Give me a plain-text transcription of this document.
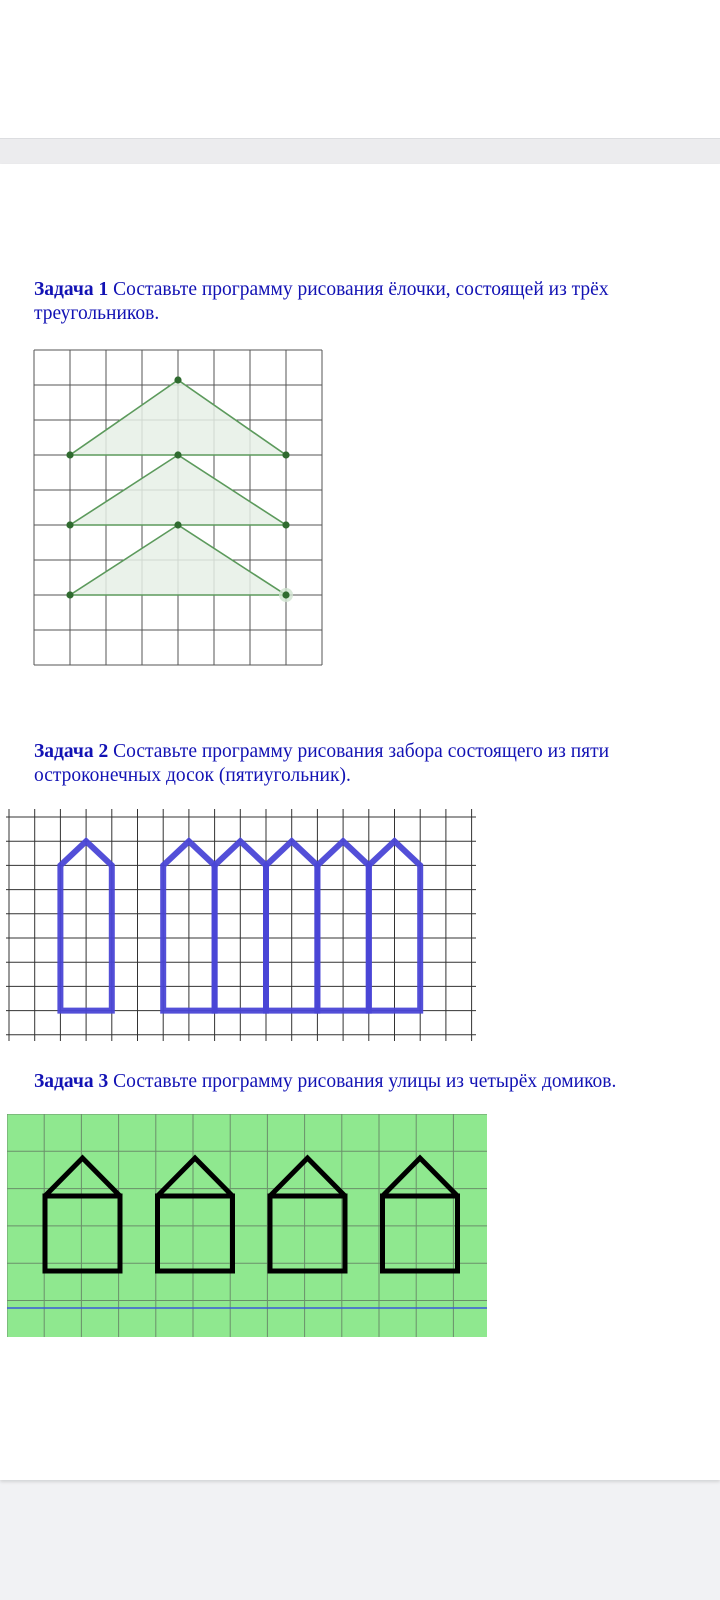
Задача 1 Составьте программу рисования ёлочки, состоящей из трёх треугольников.
Задача 2 Составьте программу рисования забора состоящего из пяти остроконечных досок (пятиугольник).
Задача 3 Составьте программу рисования улицы из четырёх домиков.
